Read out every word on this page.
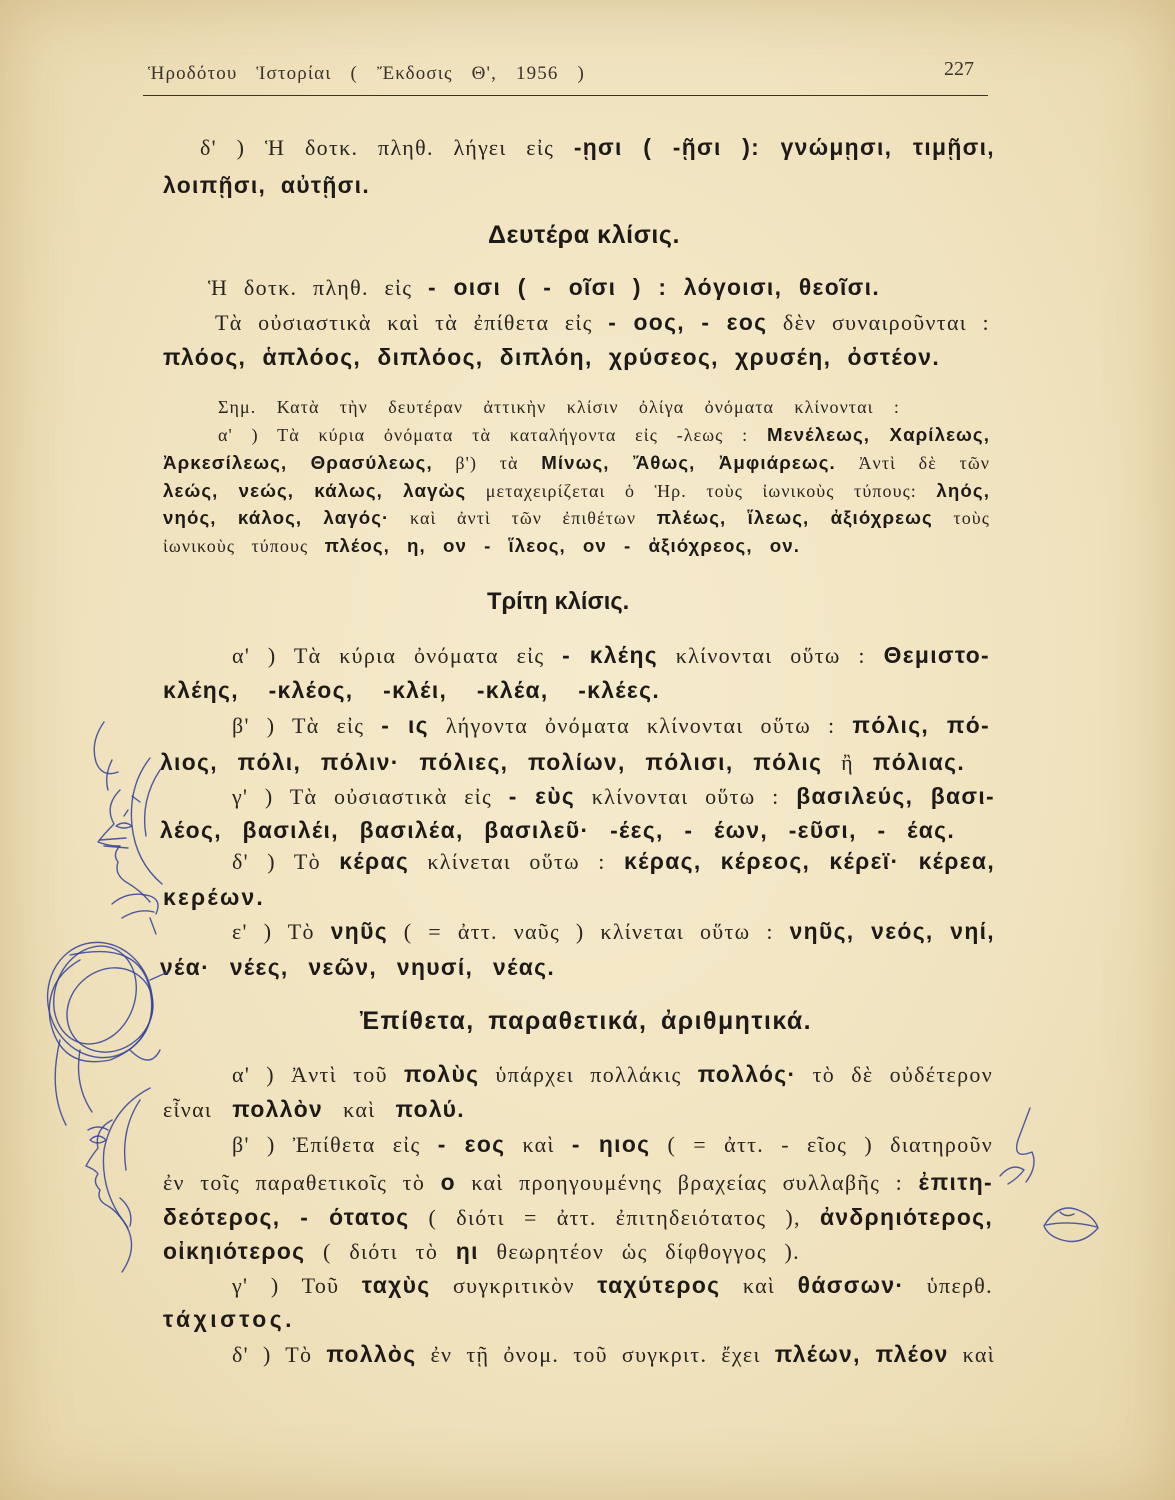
Ἡροδότου Ἱστορίαι ( Ἔκδοσις Θ', 1956 )	227
δ' ) Ἡ δοτκ. πληθ. λήγει εἰς -ῃσι ( -ῇσι ): γνώμῃσι, τιμῇσι,
λοιπῇσι, αὐτῇσι.
Δευτέρα κλίσις.
Ἡ δοτκ. πληθ. εἰς - οισι ( - οῖσι ) : λόγοισι, θεοῖσι.
Τὰ οὐσιαστικὰ καὶ τὰ ἐπίθετα εἰς - οος, - εος δὲν συναιροῦνται :
πλόος, ἁπλόος, διπλόος, διπλόη, χρύσεος, χρυσέη, ὀστέον.
Σημ. Κατὰ τὴν δευτέραν ἀττικὴν κλίσιν ὀλίγα ὀνόματα κλίνονται :
α' ) Τὰ κύρια ὀνόματα τὰ καταλήγοντα εἰς -λεως : Μενέλεως, Χαρίλεως,
Ἀρκεσίλεως, Θρασύλεως, β') τὰ Μίνως, Ἄθως, Ἀμφιάρεως. Ἀντὶ δὲ τῶν
λεώς, νεώς, κάλως, λαγὼς μεταχειρίζεται ὁ Ἡρ. τοὺς ἰωνικοὺς τύπους: ληός,
νηός, κάλος, λαγός· καὶ ἀντὶ τῶν ἐπιθέτων πλέως, ἵλεως, ἀξιόχρεως τοὺς
ἰωνικοὺς τύπους πλέος, η, ον - ἵλεος, ον - ἀξιόχρεος, ον.
Τρίτη κλίσις.
α' ) Τὰ κύρια ὀνόματα εἰς - κλέης κλίνονται οὕτω : Θεμιστο-
κλέης, -κλέος, -κλέι, -κλέα, -κλέες.
β' ) Τὰ εἰς - ις λήγοντα ὀνόματα κλίνονται οὕτω : πόλις, πό-
λιος, πόλι, πόλιν· πόλιες, πολίων, πόλισι, πόλις ἢ πόλιας.
γ' ) Τὰ οὐσιαστικὰ εἰς - εὺς κλίνονται οὕτω : βασιλεύς, βασι-
λέος, βασιλέι, βασιλέα, βασιλεῦ· -έες, - έων, -εῦσι, - έας.
δ' ) Τὸ κέρας κλίνεται οὕτω : κέρας, κέρεος, κέρεϊ· κέρεα,
κερέων.
ε' ) Τὸ νηῦς ( = ἀττ. ναῦς ) κλίνεται οὕτω : νηῦς, νεός, νηί,
νέα· νέες, νεῶν, νηυσί, νέας.
Ἐπίθετα, παραθετικά, ἀριθμητικά.
α' ) Ἀντὶ τοῦ πολὺς ὑπάρχει πολλάκις πολλός· τὸ δὲ οὐδέτερον
εἶναι πολλὸν καὶ πολύ.
β' ) Ἐπίθετα εἰς - εος καὶ - ηιος ( = ἀττ. - εῖος ) διατηροῦν
ἐν τοῖς παραθετικοῖς τὸ ο καὶ προηγουμένης βραχείας συλλαβῆς : ἐπιτη-
δεότερος, - ότατος ( διότι = ἀττ. ἐπιτηδειότατος ), ἀνδρηιότερος,
οἰκηιότερος ( διότι τὸ ηι θεωρητέον ὡς δίφθογγος ).
γ' ) Τοῦ ταχὺς συγκριτικὸν ταχύτερος καὶ θάσσων· ὑπερθ.
τάχιστος.
δ' ) Τὸ πολλὸς ἐν τῇ ὀνομ. τοῦ συγκριτ. ἔχει πλέων, πλέον καὶ
